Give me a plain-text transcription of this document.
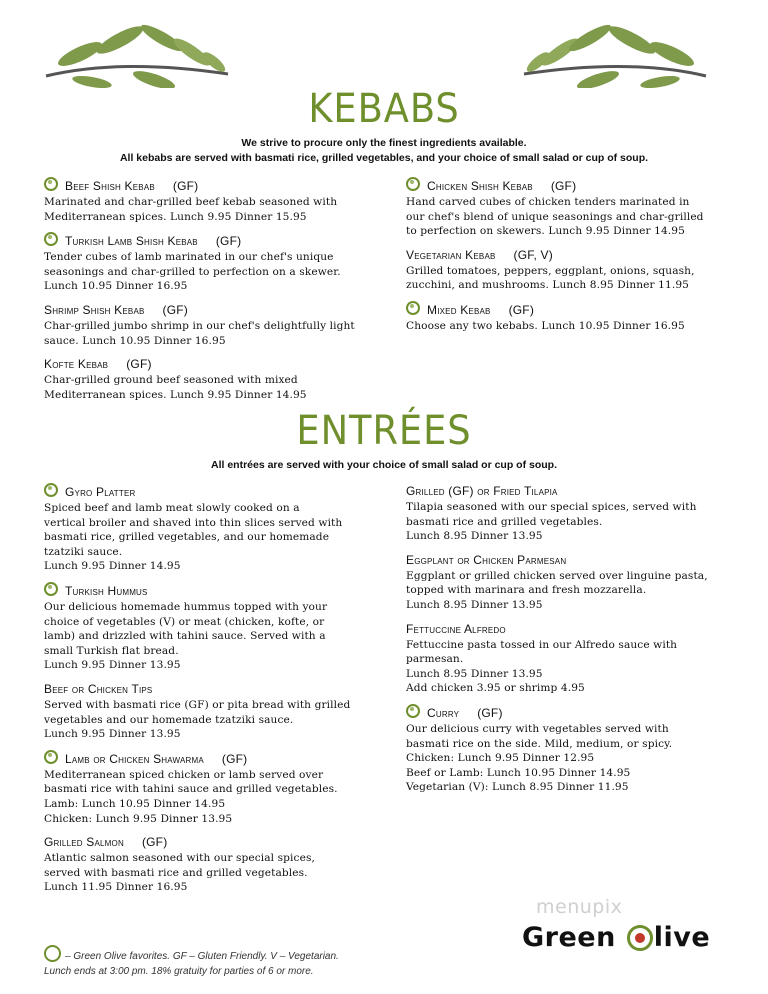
KEBABS
We strive to procure only the finest ingredients available.
All kebabs are served with basmati rice, grilled vegetables, and your choice of small salad or cup of soup.
Beef Shish Kebab (GF)
Marinated and char-grilled beef kebab seasoned with
Mediterranean spices. Lunch 9.95 Dinner 15.95
Turkish Lamb Shish Kebab (GF)
Tender cubes of lamb marinated in our chef's unique
seasonings and char-grilled to perfection on a skewer.
Lunch 10.95 Dinner 16.95
Shrimp Shish Kebab (GF)
Char-grilled jumbo shrimp in our chef's delightfully light
sauce. Lunch 10.95 Dinner 16.95
Kofte Kebab (GF)
Char-grilled ground beef seasoned with mixed
Mediterranean spices. Lunch 9.95 Dinner 14.95
Chicken Shish Kebab (GF)
Hand carved cubes of chicken tenders marinated in
our chef's blend of unique seasonings and char-grilled
to perfection on skewers. Lunch 9.95 Dinner 14.95
Vegetarian Kebab (GF, V)
Grilled tomatoes, peppers, eggplant, onions, squash,
zucchini, and mushrooms. Lunch 8.95 Dinner 11.95
Mixed Kebab (GF)
Choose any two kebabs. Lunch 10.95 Dinner 16.95
ENTRÉES
All entrées are served with your choice of small salad or cup of soup.
Gyro Platter
Spiced beef and lamb meat slowly cooked on a
vertical broiler and shaved into thin slices served with
basmati rice, grilled vegetables, and our homemade
tzatziki sauce.
Lunch 9.95 Dinner 14.95
Turkish Hummus
Our delicious homemade hummus topped with your
choice of vegetables (V) or meat (chicken, kofte, or
lamb) and drizzled with tahini sauce. Served with a
small Turkish flat bread.
Lunch 9.95 Dinner 13.95
Beef or Chicken Tips
Served with basmati rice (GF) or pita bread with grilled
vegetables and our homemade tzatziki sauce.
Lunch 9.95 Dinner 13.95
Lamb or Chicken Shawarma (GF)
Mediterranean spiced chicken or lamb served over
basmati rice with tahini sauce and grilled vegetables.
Lamb: Lunch 10.95 Dinner 14.95
Chicken: Lunch 9.95 Dinner 13.95
Grilled Salmon (GF)
Atlantic salmon seasoned with our special spices,
served with basmati rice and grilled vegetables.
Lunch 11.95 Dinner 16.95
Grilled (GF) or Fried Tilapia
Tilapia seasoned with our special spices, served with
basmati rice and grilled vegetables.
Lunch 8.95 Dinner 13.95
Eggplant or Chicken Parmesan
Eggplant or grilled chicken served over linguine pasta,
topped with marinara and fresh mozzarella.
Lunch 8.95 Dinner 13.95
Fettuccine Alfredo
Fettuccine pasta tossed in our Alfredo sauce with
parmesan.
Lunch 8.95 Dinner 13.95
Add chicken 3.95 or shrimp 4.95
Curry (GF)
Our delicious curry with vegetables served with
basmati rice on the side. Mild, medium, or spicy.
Chicken: Lunch 9.95 Dinner 12.95
Beef or Lamb: Lunch 10.95 Dinner 14.95
Vegetarian (V): Lunch 8.95 Dinner 11.95
– Green Olive favorites. GF – Gluten Friendly. V – Vegetarian.
Lunch ends at 3:00 pm. 18% gratuity for parties of 6 or more.
menupix
Green live
